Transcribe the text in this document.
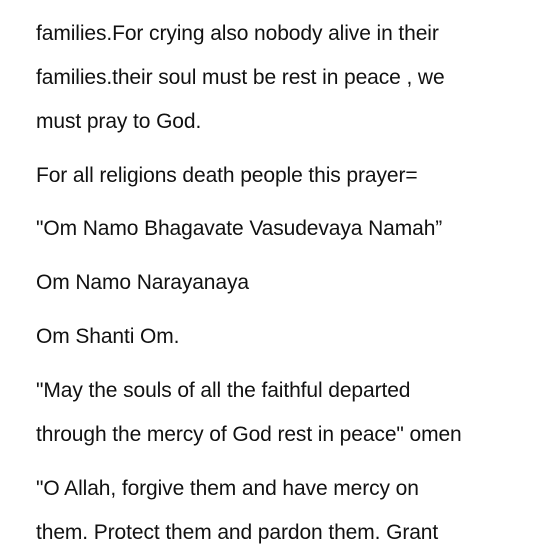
families.For crying also nobody alive in their
families.their soul must be rest in peace , we
must pray to God.
For all religions death people this prayer=
"Om Namo Bhagavate Vasudevaya Namah”
Om Namo Narayanaya
Om Shanti Om.
"May the souls of all the faithful departed
through the mercy of God rest in peace" omen
"O Allah, forgive them and have mercy on
them. Protect them and pardon them. Grant
